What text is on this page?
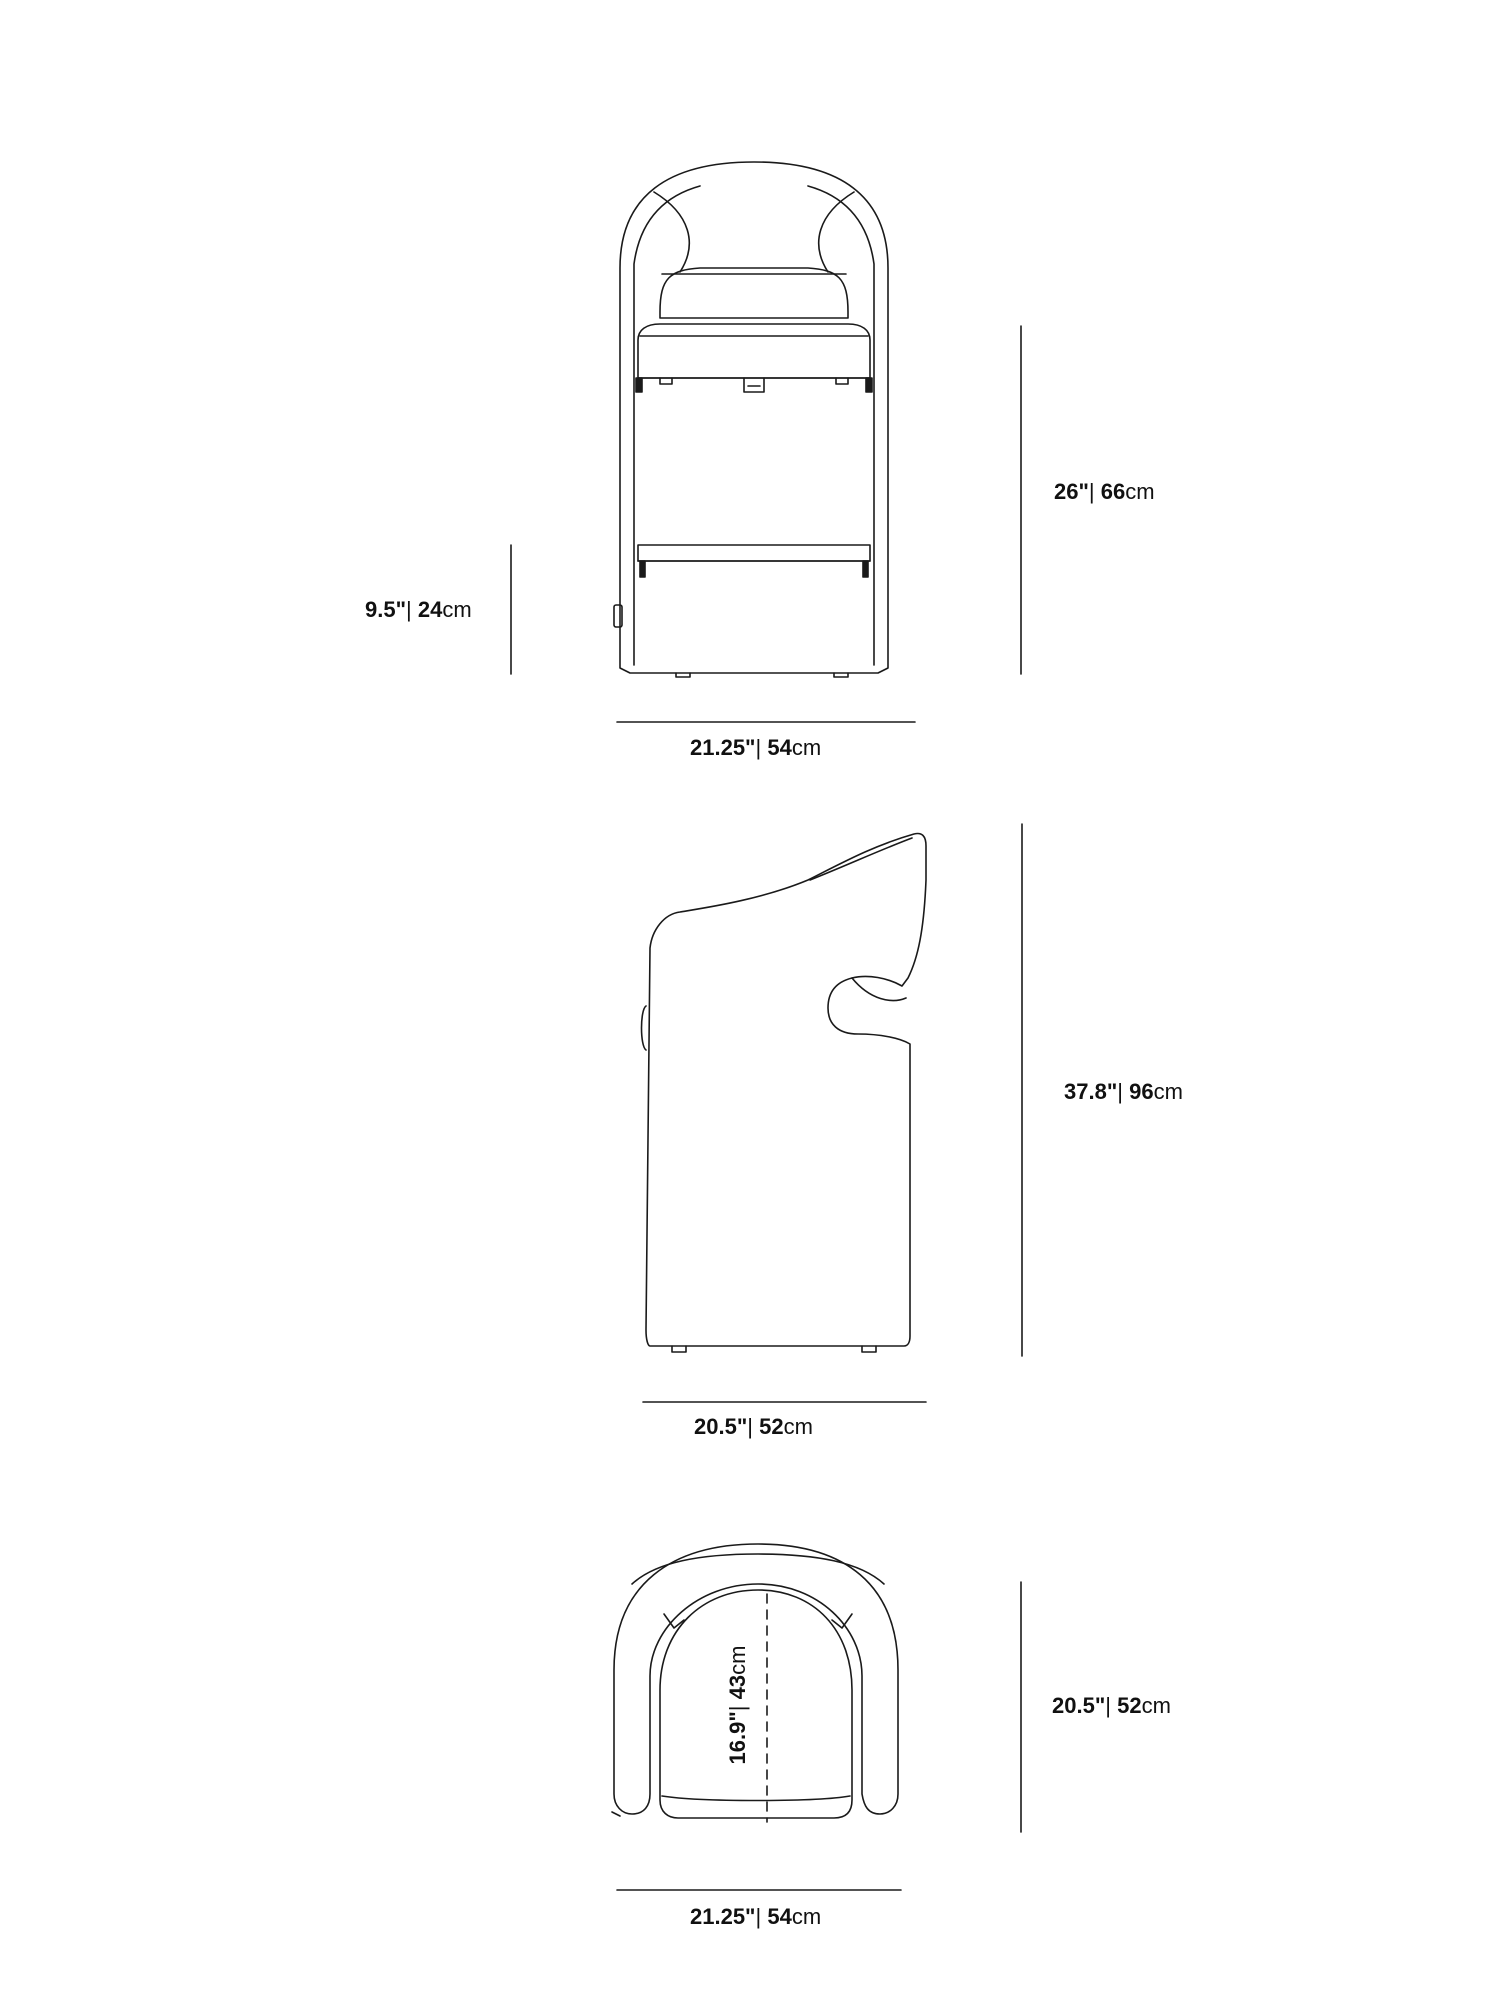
21.25"| 54cm
26"| 66cm
9.5"| 24cm
20.5"| 52cm
37.8"| 96cm
21.25"| 54cm
20.5"| 52cm
16.9"| 43cm
